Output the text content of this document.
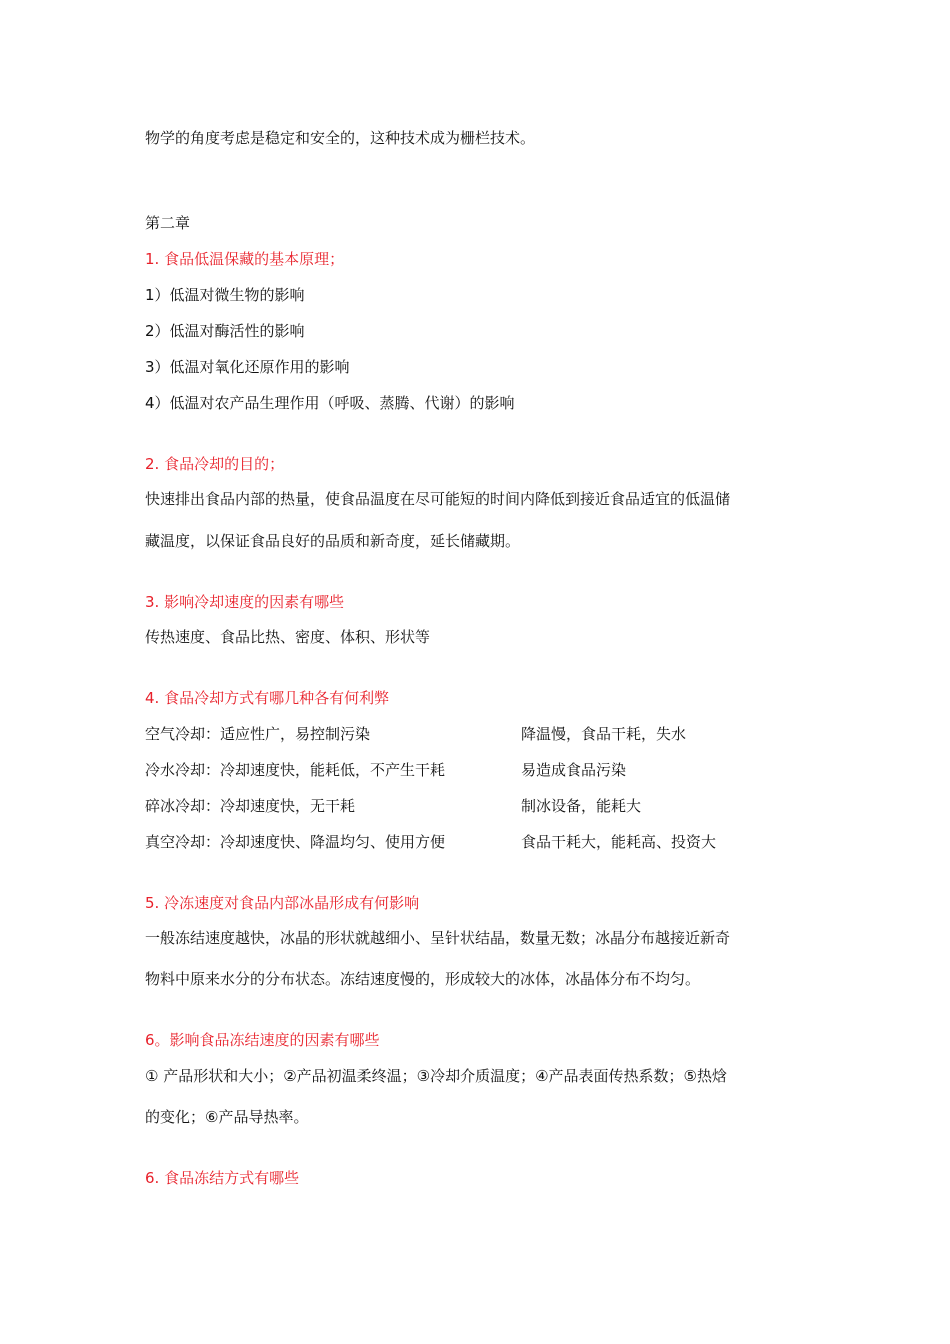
物学的角度考虑是稳定和安全的，这种技术成为栅栏技术。
第二章
1. 食品低温保藏的基本原理；
1）低温对微生物的影响
2）低温对酶活性的影响
3）低温对氧化还原作用的影响
4）低温对农产品生理作用（呼吸、蒸腾、代谢）的影响
2. 食品冷却的目的；
快速排出食品内部的热量，使食品温度在尽可能短的时间内降低到接近食品适宜的低温储
藏温度，以保证食品良好的品质和新奇度，延长储藏期。
3. 影响冷却速度的因素有哪些
传热速度、食品比热、密度、体积、形状等
4. 食品冷却方式有哪几种各有何利弊
空气冷却：适应性广，易控制污染	降温慢，食品干耗，失水
冷水冷却：冷却速度快，能耗低，不产生干耗	易造成食品污染
碎冰冷却：冷却速度快，无干耗	制冰设备，能耗大
真空冷却：冷却速度快、降温均匀、使用方便	食品干耗大，能耗高、投资大
5. 冷冻速度对食品内部冰晶形成有何影响
一般冻结速度越快，冰晶的形状就越细小、呈针状结晶，数量无数；冰晶分布越接近新奇
物料中原来水分的分布状态。冻结速度慢的，形成较大的冰体，冰晶体分布不均匀。
6。影响食品冻结速度的因素有哪些
① 产品形状和大小；②产品初温柔终温；③冷却介质温度；④产品表面传热系数；⑤热焓
的变化；⑥产品导热率。
6. 食品冻结方式有哪些
